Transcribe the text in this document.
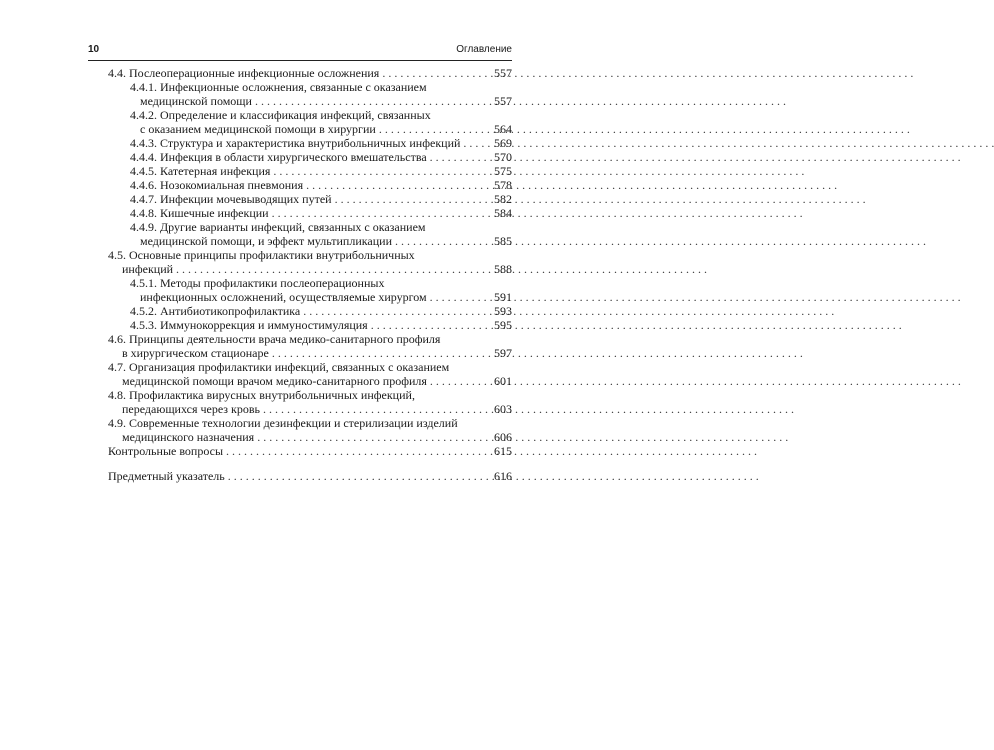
10	Оглавление
4.4. Послеоперационные инфекционные осложнения . . .	557
4.4.1. Инфекционные осложнения, связанные с оказанием
медицинской помощи . . .	557
4.4.2. Определение и классификация инфекций, связанных
с оказанием медицинской помощи в хирургии . . .	564
4.4.3. Структура и характеристика внутрибольничных инфекций . . .	569
4.4.4. Инфекция в области хирургического вмешательства . . .	570
4.4.5. Катетерная инфекция . . .	575
4.4.6. Нозокомиальная пневмония . . .	578
4.4.7. Инфекции мочевыводящих путей . . .	582
4.4.8. Кишечные инфекции . . .	584
4.4.9. Другие варианты инфекций, связанных с оказанием
медицинской помощи, и эффект мультипликации . . .	585
4.5. Основные принципы профилактики внутрибольничных
инфекций . . .	588
4.5.1. Методы профилактики послеоперационных
инфекционных осложнений, осуществляемые хирургом . . .	591
4.5.2. Антибиотикопрофилактика . . .	593
4.5.3. Иммунокоррекция и иммуностимуляция . . .	595
4.6. Принципы деятельности врача медико-санитарного профиля
в хирургическом стационаре . . .	597
4.7. Организация профилактики инфекций, связанных с оказанием
медицинской помощи врачом медико-санитарного профиля . . .	601
4.8. Профилактика вирусных внутрибольничных инфекций,
передающихся через кровь . . .	603
4.9. Современные технологии дезинфекции и стерилизации изделий
медицинского назначения . . .	606
Контрольные вопросы . . .	615
Предметный указатель . . .	616
